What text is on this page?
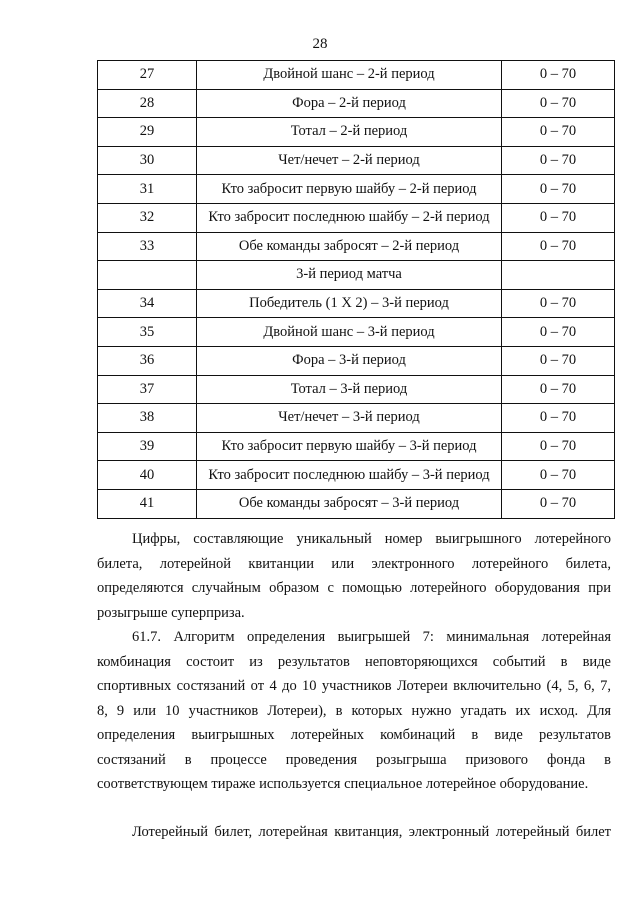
28
27	Двойной шанс – 2-й период	0 – 70
28	Фора – 2-й период	0 – 70
29	Тотал – 2-й период	0 – 70
30	Чет/нечет – 2-й период	0 – 70
31	Кто забросит первую шайбу – 2-й период	0 – 70
32	Кто забросит последнюю шайбу – 2-й период	0 – 70
33	Обе команды забросят – 2-й период	0 – 70
	3-й период матча	
34	Победитель (1 X 2) – 3-й период	0 – 70
35	Двойной шанс – 3-й период	0 – 70
36	Фора – 3-й период	0 – 70
37	Тотал – 3-й период	0 – 70
38	Чет/нечет – 3-й период	0 – 70
39	Кто забросит первую шайбу – 3-й период	0 – 70
40	Кто забросит последнюю шайбу – 3-й период	0 – 70
41	Обе команды забросят – 3-й период	0 – 70
Цифры, составляющие уникальный номер выигрышного лотерейного
билета, лотерейной квитанции или электронного лотерейного билета,
определяются случайным образом с помощью лотерейного оборудования при
розыгрыше суперприза.
61.7. Алгоритм определения выигрышей 7: минимальная лотерейная
комбинация состоит из результатов неповторяющихся событий в виде
спортивных состязаний от 4 до 10 участников Лотереи включительно (4, 5, 6, 7,
8, 9 или 10 участников Лотереи), в которых нужно угадать их исход. Для
определения выигрышных лотерейных комбинаций в виде результатов
состязаний в процессе проведения розыгрыша призового фонда в
соответствующем тираже используется специальное лотерейное оборудование.
Лотерейный билет, лотерейная квитанция, электронный лотерейный билет
